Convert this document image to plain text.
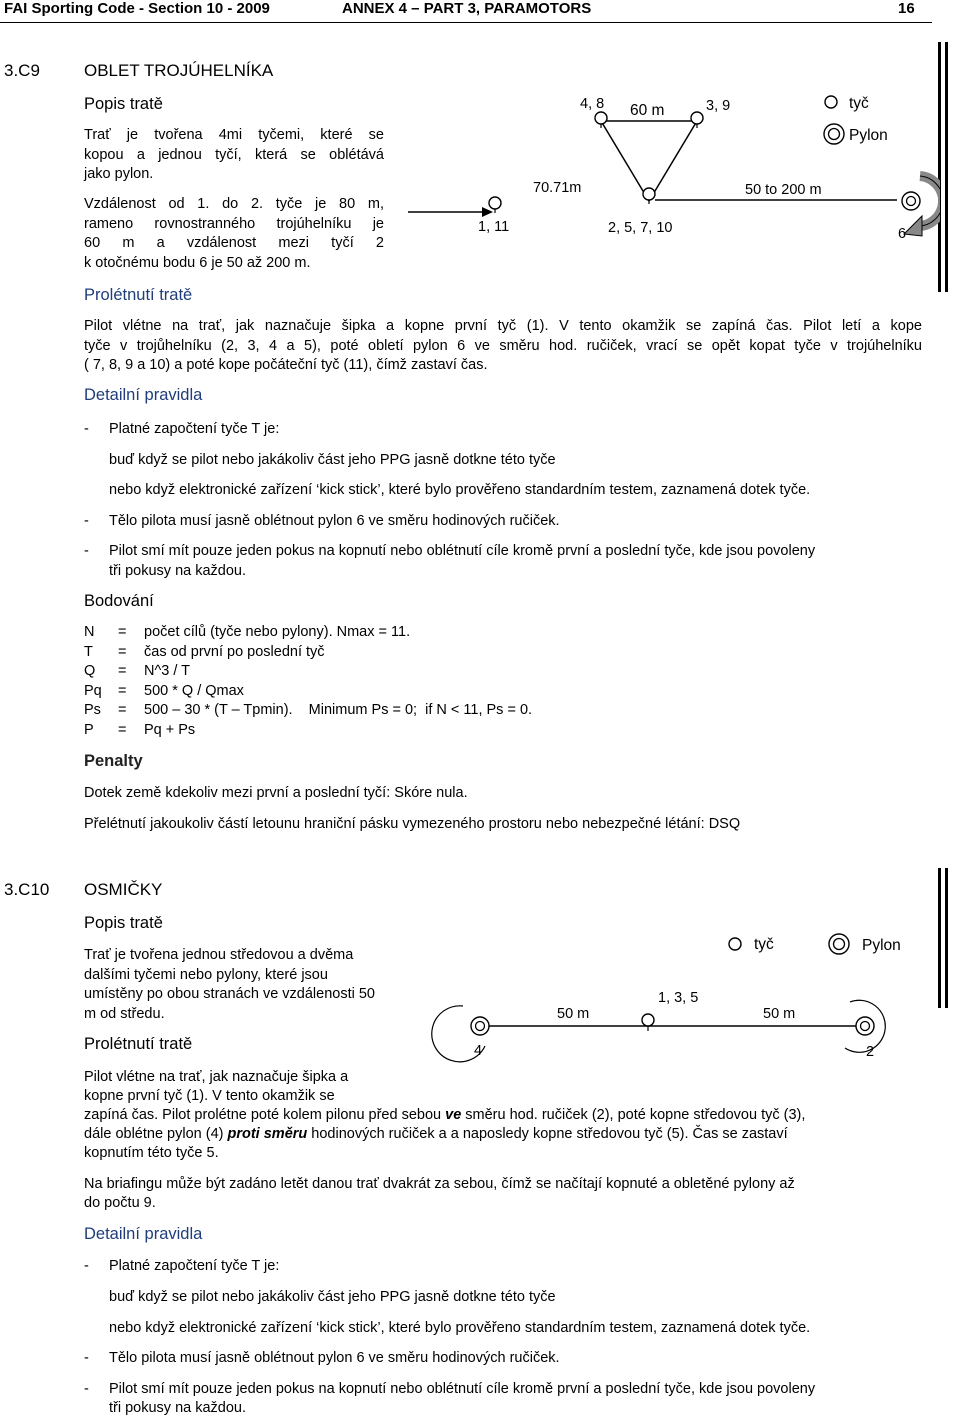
FAI Sporting Code - Section 10 - 2009	ANNEX 4 – PART 3, PARAMOTORS	16
3.C9	OBLET TROJÚHELNÍKA
Popis tratě
Trať je tvořena 4mi tyčemi, které se
kopou a jednou tyčí, která se oblétává
jako pylon.
Vzdálenost od 1. do 2. tyče je 80 m,
rameno rovnostranného trojúhelníku je
60 m a vzdálenost mezi tyčí 2
k otočnému bodu 6 je 50 až 200 m.
4, 8 60 m	3, 9	tyč
Pylon
70.71m	50 to 200 m
1, 11	2, 5, 7, 10	6
Prolétnutí tratě
Pilot vlétne na trať, jak naznačuje šipka a kopne první tyč (1). V tento okamžik se zapíná čas. Pilot letí a kope
tyče v trojůhelníku (2, 3, 4 a 5), poté obletí pylon 6 ve směru hod. ručiček, vrací se opět kopat tyče v trojúhelníku
( 7, 8, 9 a 10) a poté kope počáteční tyč (11), čímž zastaví čas.
Detailní pravidla
- Platné započtení tyče T je:
buď když se pilot nebo jakákoliv část jeho PPG jasně dotkne této tyče
nebo když elektronické zařízení ‘kick stick’, které bylo prověřeno standardním testem, zaznamená dotek tyče.
- Tělo pilota musí jasně oblétnout pylon 6 ve směru hodinových ručiček.
- Pilot smí mít pouze jeden pokus na kopnutí nebo oblétnutí cíle kromě první a poslední tyče, kde jsou povoleny
tři pokusy na každou.
Bodování
N = počet cílů (tyče nebo pylony). Nmax = 11.
T = čas od první po poslední tyč
Q = N^3 / T
Pq = 500 * Q / Qmax
Ps = 500 – 30 * (T – Tpmin).    Minimum Ps = 0;  if N < 11, Ps = 0.
P = Pq + Ps
Penalty
Dotek země kdekoliv mezi první a poslední tyčí: Skóre nula.
Přelétnutí jakoukoliv částí letounu hraniční pásku vymezeného prostoru nebo nebezpečné létání: DSQ
3.C10 OSMIČKY
Popis tratě
Trať je tvořena jednou středovou a dvěma
dalšími tyčemi nebo pylony, které jsou
umístěny po obou stranách ve vzdálenosti 50
m od středu.
tyč	Pylon
1, 3, 5
50 m	50 m
4	2
Prolétnutí tratě
Pilot vlétne na trať, jak naznačuje šipka a
kopne první tyč (1). V tento okamžik se
zapíná čas. Pilot prolétne poté kolem pilonu před sebou ve směru hod. ručiček (2), poté kopne středovou tyč (3),
dále oblétne pylon (4) proti směru hodinových ručiček a a naposledy kopne středovou tyč (5). Čas se zastaví
kopnutím této tyče 5.
Na briafingu může být zadáno letět danou trať dvakrát za sebou, čímž se načítají kopnuté a obletěné pylony až
do počtu 9.
Detailní pravidla
- Platné započtení tyče T je:
buď když se pilot nebo jakákoliv část jeho PPG jasně dotkne této tyče
nebo když elektronické zařízení ‘kick stick’, které bylo prověřeno standardním testem, zaznamená dotek tyče.
- Tělo pilota musí jasně oblétnout pylon 6 ve směru hodinových ručiček.
- Pilot smí mít pouze jeden pokus na kopnutí nebo oblétnutí cíle kromě první a poslední tyče, kde jsou povoleny
tři pokusy na každou.
